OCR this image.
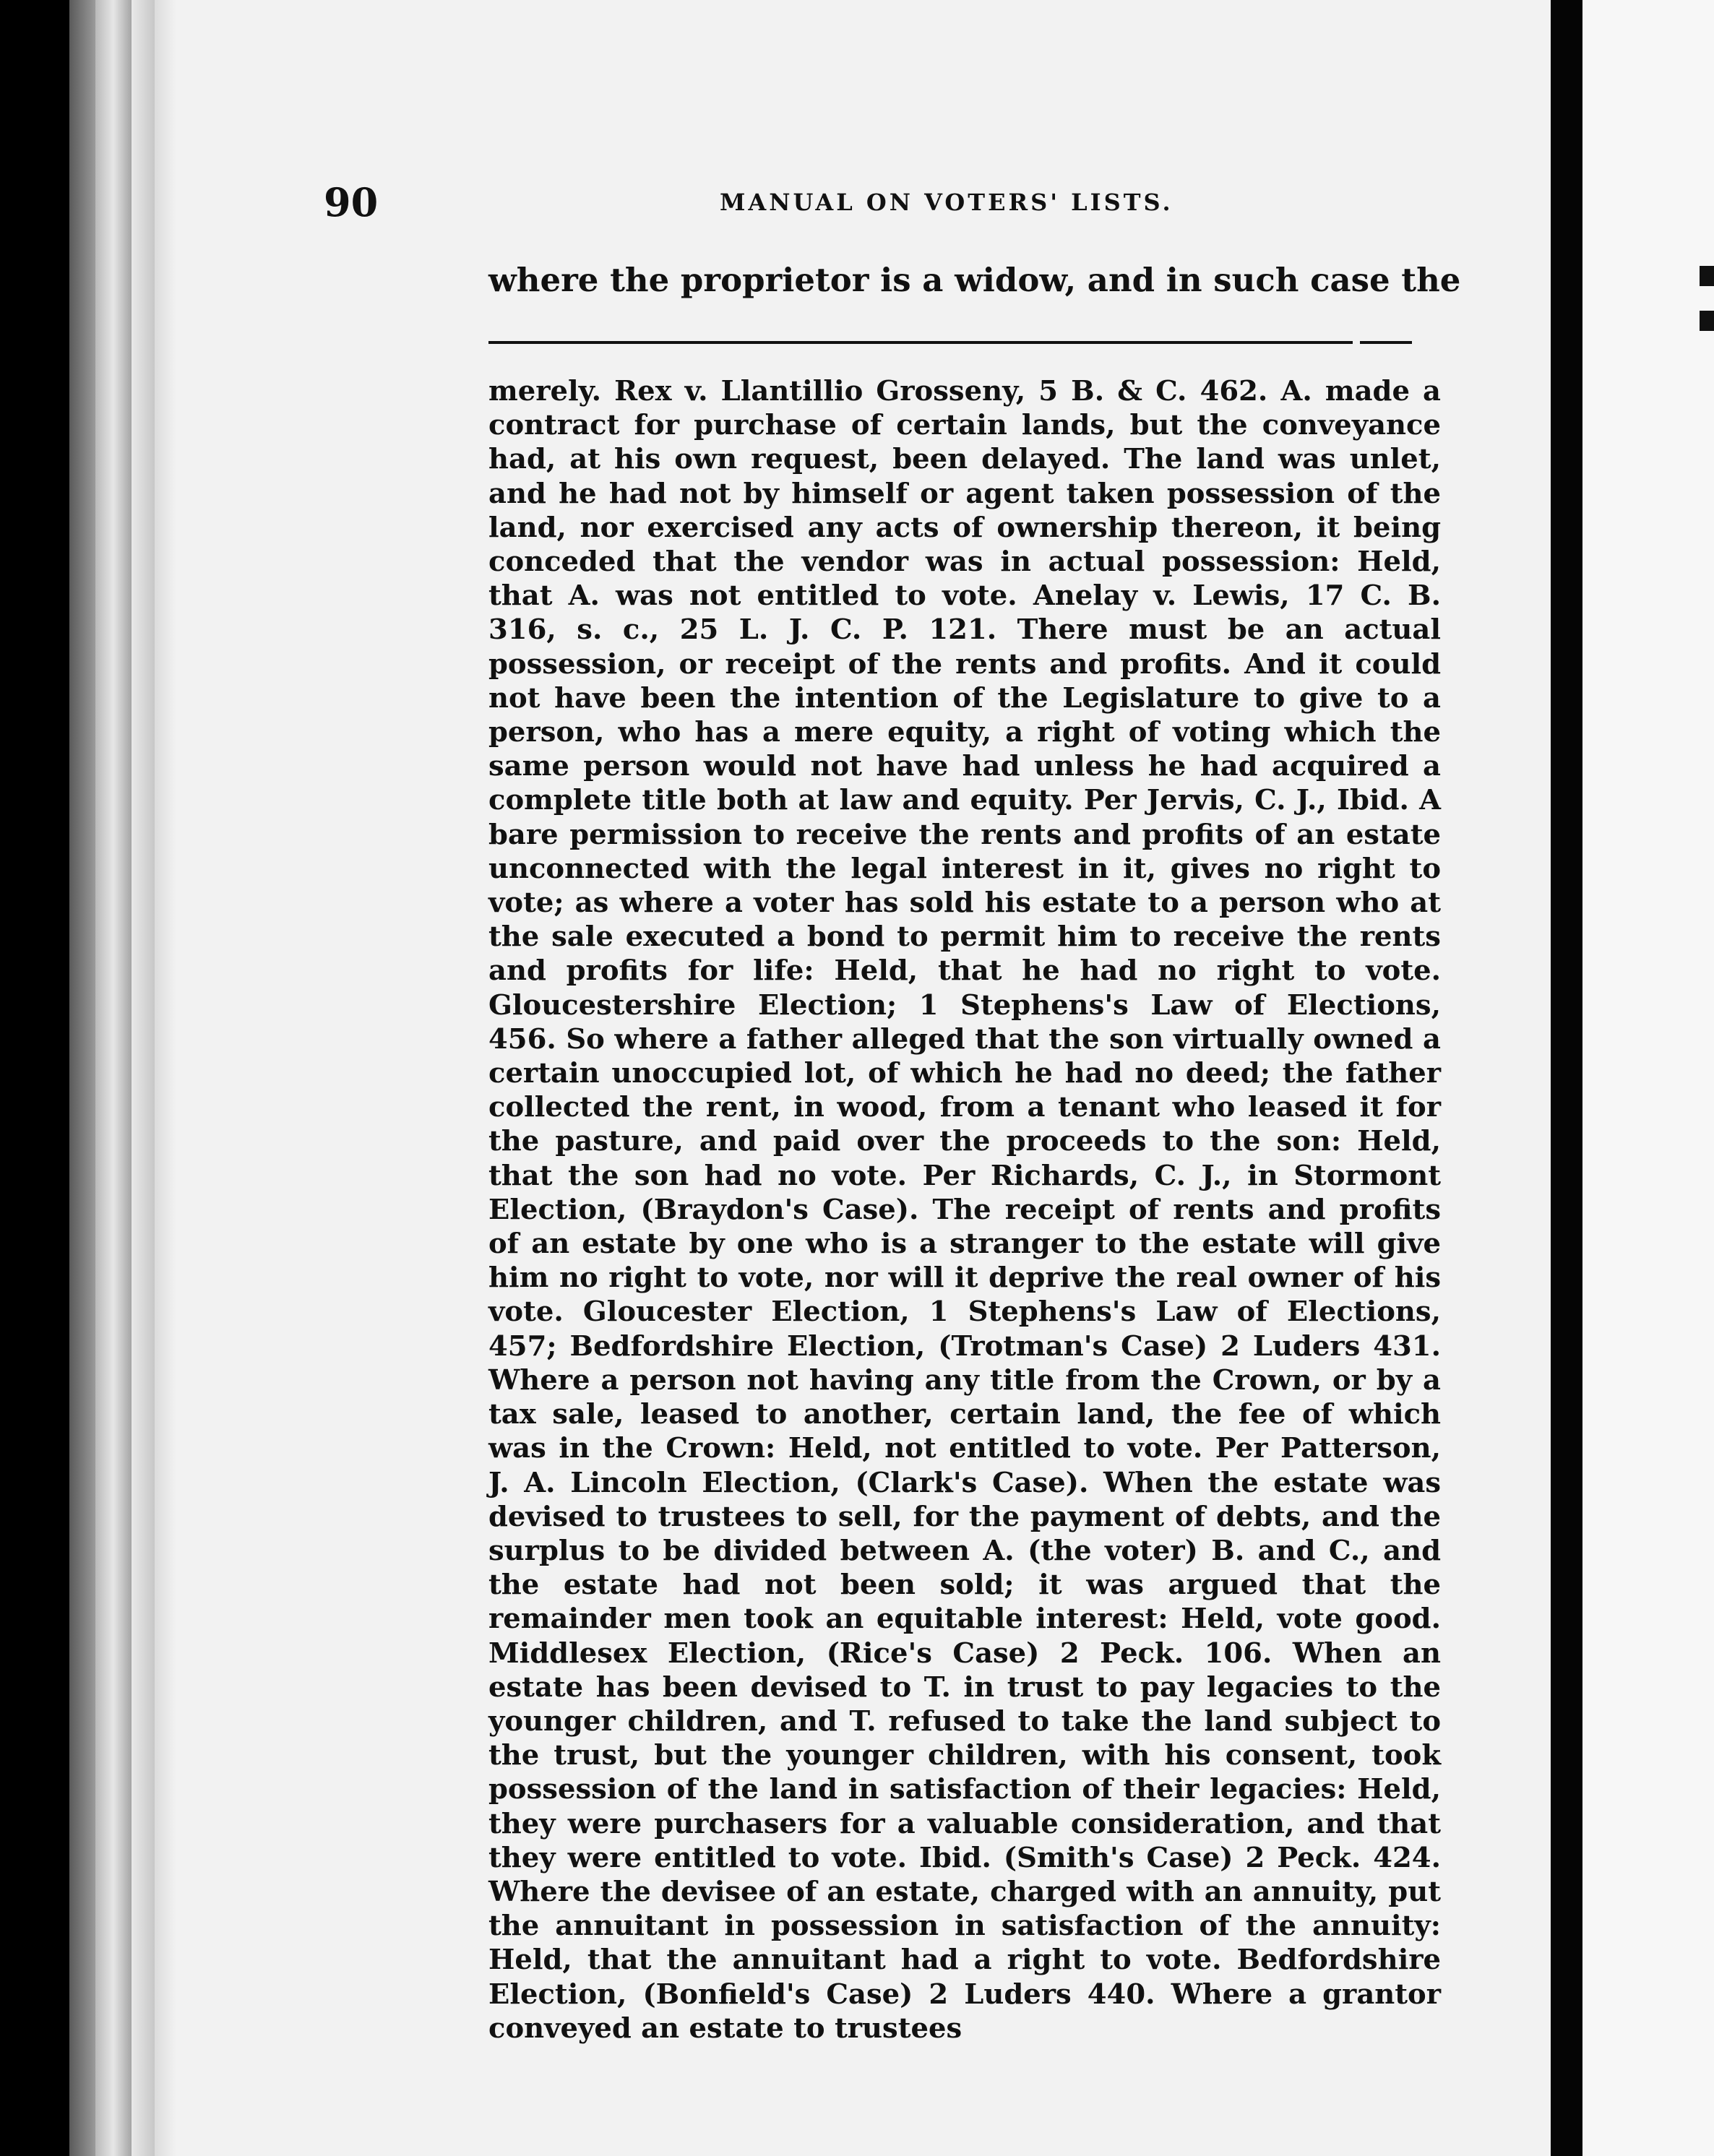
90	MANUAL ON VOTERS' LISTS.

where the proprietor is a widow, and in such case the

merely. Rex v. Llantillio Grosseny, 5 B. & C. 462. A. made a contract for purchase of certain lands, but the conveyance had, at his own request, been delayed. The land was unlet, and he had not by himself or agent taken possession of the land, nor exercised any acts of ownership thereon, it being conceded that the vendor was in actual possession: Held, that A. was not entitled to vote. Anelay v. Lewis, 17 C. B. 316, s. c., 25 L. J. C. P. 121. There must be an actual possession, or receipt of the rents and profits. And it could not have been the intention of the Legislature to give to a person, who has a mere equity, a right of voting which the same person would not have had unless he had acquired a complete title both at law and equity. Per Jervis, C. J., Ibid. A bare permission to receive the rents and profits of an estate unconnected with the legal interest in it, gives no right to vote; as where a voter has sold his estate to a person who at the sale executed a bond to permit him to receive the rents and profits for life: Held, that he had no right to vote. Gloucestershire Election; 1 Stephens's Law of Elections, 456. So where a father alleged that the son virtually owned a certain unoccupied lot, of which he had no deed; the father collected the rent, in wood, from a tenant who leased it for the pasture, and paid over the proceeds to the son: Held, that the son had no vote. Per Richards, C. J., in Stormont Election, (Braydon's Case). The receipt of rents and profits of an estate by one who is a stranger to the estate will give him no right to vote, nor will it deprive the real owner of his vote. Gloucester Election, 1 Stephens's Law of Elections, 457; Bedfordshire Election, (Trotman's Case) 2 Luders 431. Where a person not having any title from the Crown, or by a tax sale, leased to another, certain land, the fee of which was in the Crown: Held, not entitled to vote. Per Patterson, J. A. Lincoln Election, (Clark's Case). When the estate was devised to trustees to sell, for the payment of debts, and the surplus to be divided between A. (the voter) B. and C., and the estate had not been sold; it was argued that the remainder men took an equitable interest: Held, vote good. Middlesex Election, (Rice's Case) 2 Peck. 106. When an estate has been devised to T. in trust to pay legacies to the younger children, and T. refused to take the land subject to the trust, but the younger children, with his consent, took possession of the land in satisfaction of their legacies: Held, they were purchasers for a valuable consideration, and that they were entitled to vote. Ibid. (Smith's Case) 2 Peck. 424. Where the devisee of an estate, charged with an annuity, put the annuitant in possession in satisfaction of the annuity: Held, that the annuitant had a right to vote. Bedfordshire Election, (Bonfield's Case) 2 Luders 440. Where a grantor conveyed an estate to trustees
